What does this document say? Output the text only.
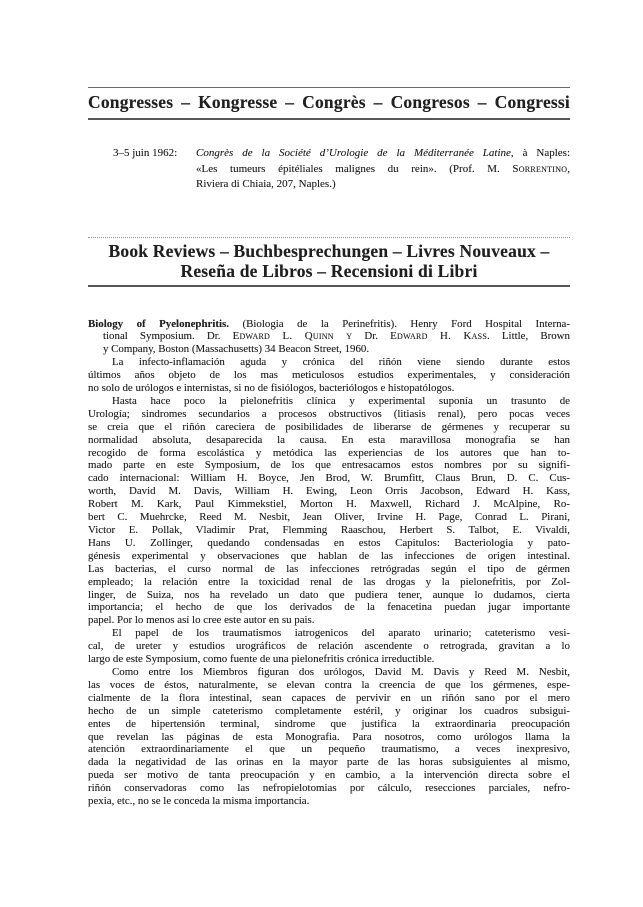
Congresses – Kongresse – Congrès – Congresos – Congressi
3–5 juin 1962:	Congrès de la Société d’Urologie de la Méditerranée Latine, à Naples:
«Les tumeurs épitéliales malignes du rein». (Prof. M. Sorrentino,
Riviera di Chiaia, 207, Naples.)
Book Reviews – Buchbesprechungen – Livres Nouveaux –
Reseña de Libros – Recensioni di Libri
Biology of Pyelonephritis. (Biologia de la Perinefritis). Henry Ford Hospital Interna-
tional Symposium. Dr. Edward L. Quinn y Dr. Edward H. Kass. Little, Brown
y Company, Boston (Massachusetts) 34 Beacon Street, 1960.
La infecto-inflamación aguda y crónica del riñón viene siendo durante estos
últimos años objeto de los mas meticulosos estudios experimentales, y consideración
no solo de urólogos e internistas, si no de fisiólogos, bacteriólogos e histopatólogos.
Hasta hace poco la pielonefritis clínica y experimental suponía un trasunto de
Urología; sindromes secundarios a procesos obstructivos (litiasis renal), pero pocas veces
se creia que el riñón careciera de posibilidades de liberarse de gérmenes y recuperar su
normalidad absoluta, desaparecida la causa. En esta maravillosa monografia se han
recogido de forma escolástica y metódica las experiencias de los autores que han to-
mado parte en este Symposium, de los que entresacamos estos nombres por su signifi-
cado internacional: William H. Boyce, Jen Brod, W. Brumfitt, Claus Brun, D. C. Cus-
worth, David M. Davis, William H. Ewing, Leon Orris Jacobson, Edward H. Kass,
Robert M. Kark, Paul Kimmekstiel, Morton H. Maxwell, Richard J. McAlpine, Ro-
bert C. Muehrcke, Reed M. Nesbit, Jean Oliver, Irvine H. Page, Conrad L. Pirani,
Victor E. Pollak, Vladimir Prat, Flemming Raaschou, Herbert S. Talbot, E. Vivaldi,
Hans U. Zollinger, quedando condensadas en estos Capitulos: Bacteriologia y pato-
génesis experimental y observaciones que hablan de las infecciones de origen intestinal.
Las bacterias, el curso normal de las infecciones retrógradas según el tipo de gérmen
empleado; la relación entre la toxicidad renal de las drogas y la pielonefritis, por Zol-
linger, de Suiza, nos ha revelado un dato que pudiera tener, aunque lo dudamos, cierta
importancia; el hecho de que los derivados de la fenacetina puedan jugar importante
papel. Por lo menos así lo cree este autor en su pais.
El papel de los traumatismos iatrogenicos del aparato urinario; cateterismo vesi-
cal, de ureter y estudios urográficos de relación ascendente o retrograda, gravitan a lo
largo de este Symposium, como fuente de una pielonefritis crónica irreductible.
Como entre los Miembros figuran dos urólogos, David M. Davis y Reed M. Nesbit,
las voces de éstos, naturalmente, se elevan contra la creencia de que los gérmenes, espe-
cialmente de la flora intestinal, sean capaces de pervivir en un riñón sano por el mero
hecho de un simple cateterismo completamente estéril, y originar los cuadros subsigui-
entes de hipertensión terminal, sindrome que justifica la extraordinaria preocupación
que revelan las páginas de esta Monografia. Para nosotros, como urólogos llama la
atención extraordinariamente el que un pequeño traumatismo, a veces inexpresivo,
dada la negatividad de las orinas en la mayor parte de las horas subsiguientes al mismo,
pueda ser motivo de tanta preocupación y en cambio, a la intervención directa sobre el
riñón conservadoras como las nefropielotomias por cálculo, resecciones parciales, nefro-
pexia, etc., no se le conceda la misma importancia.
